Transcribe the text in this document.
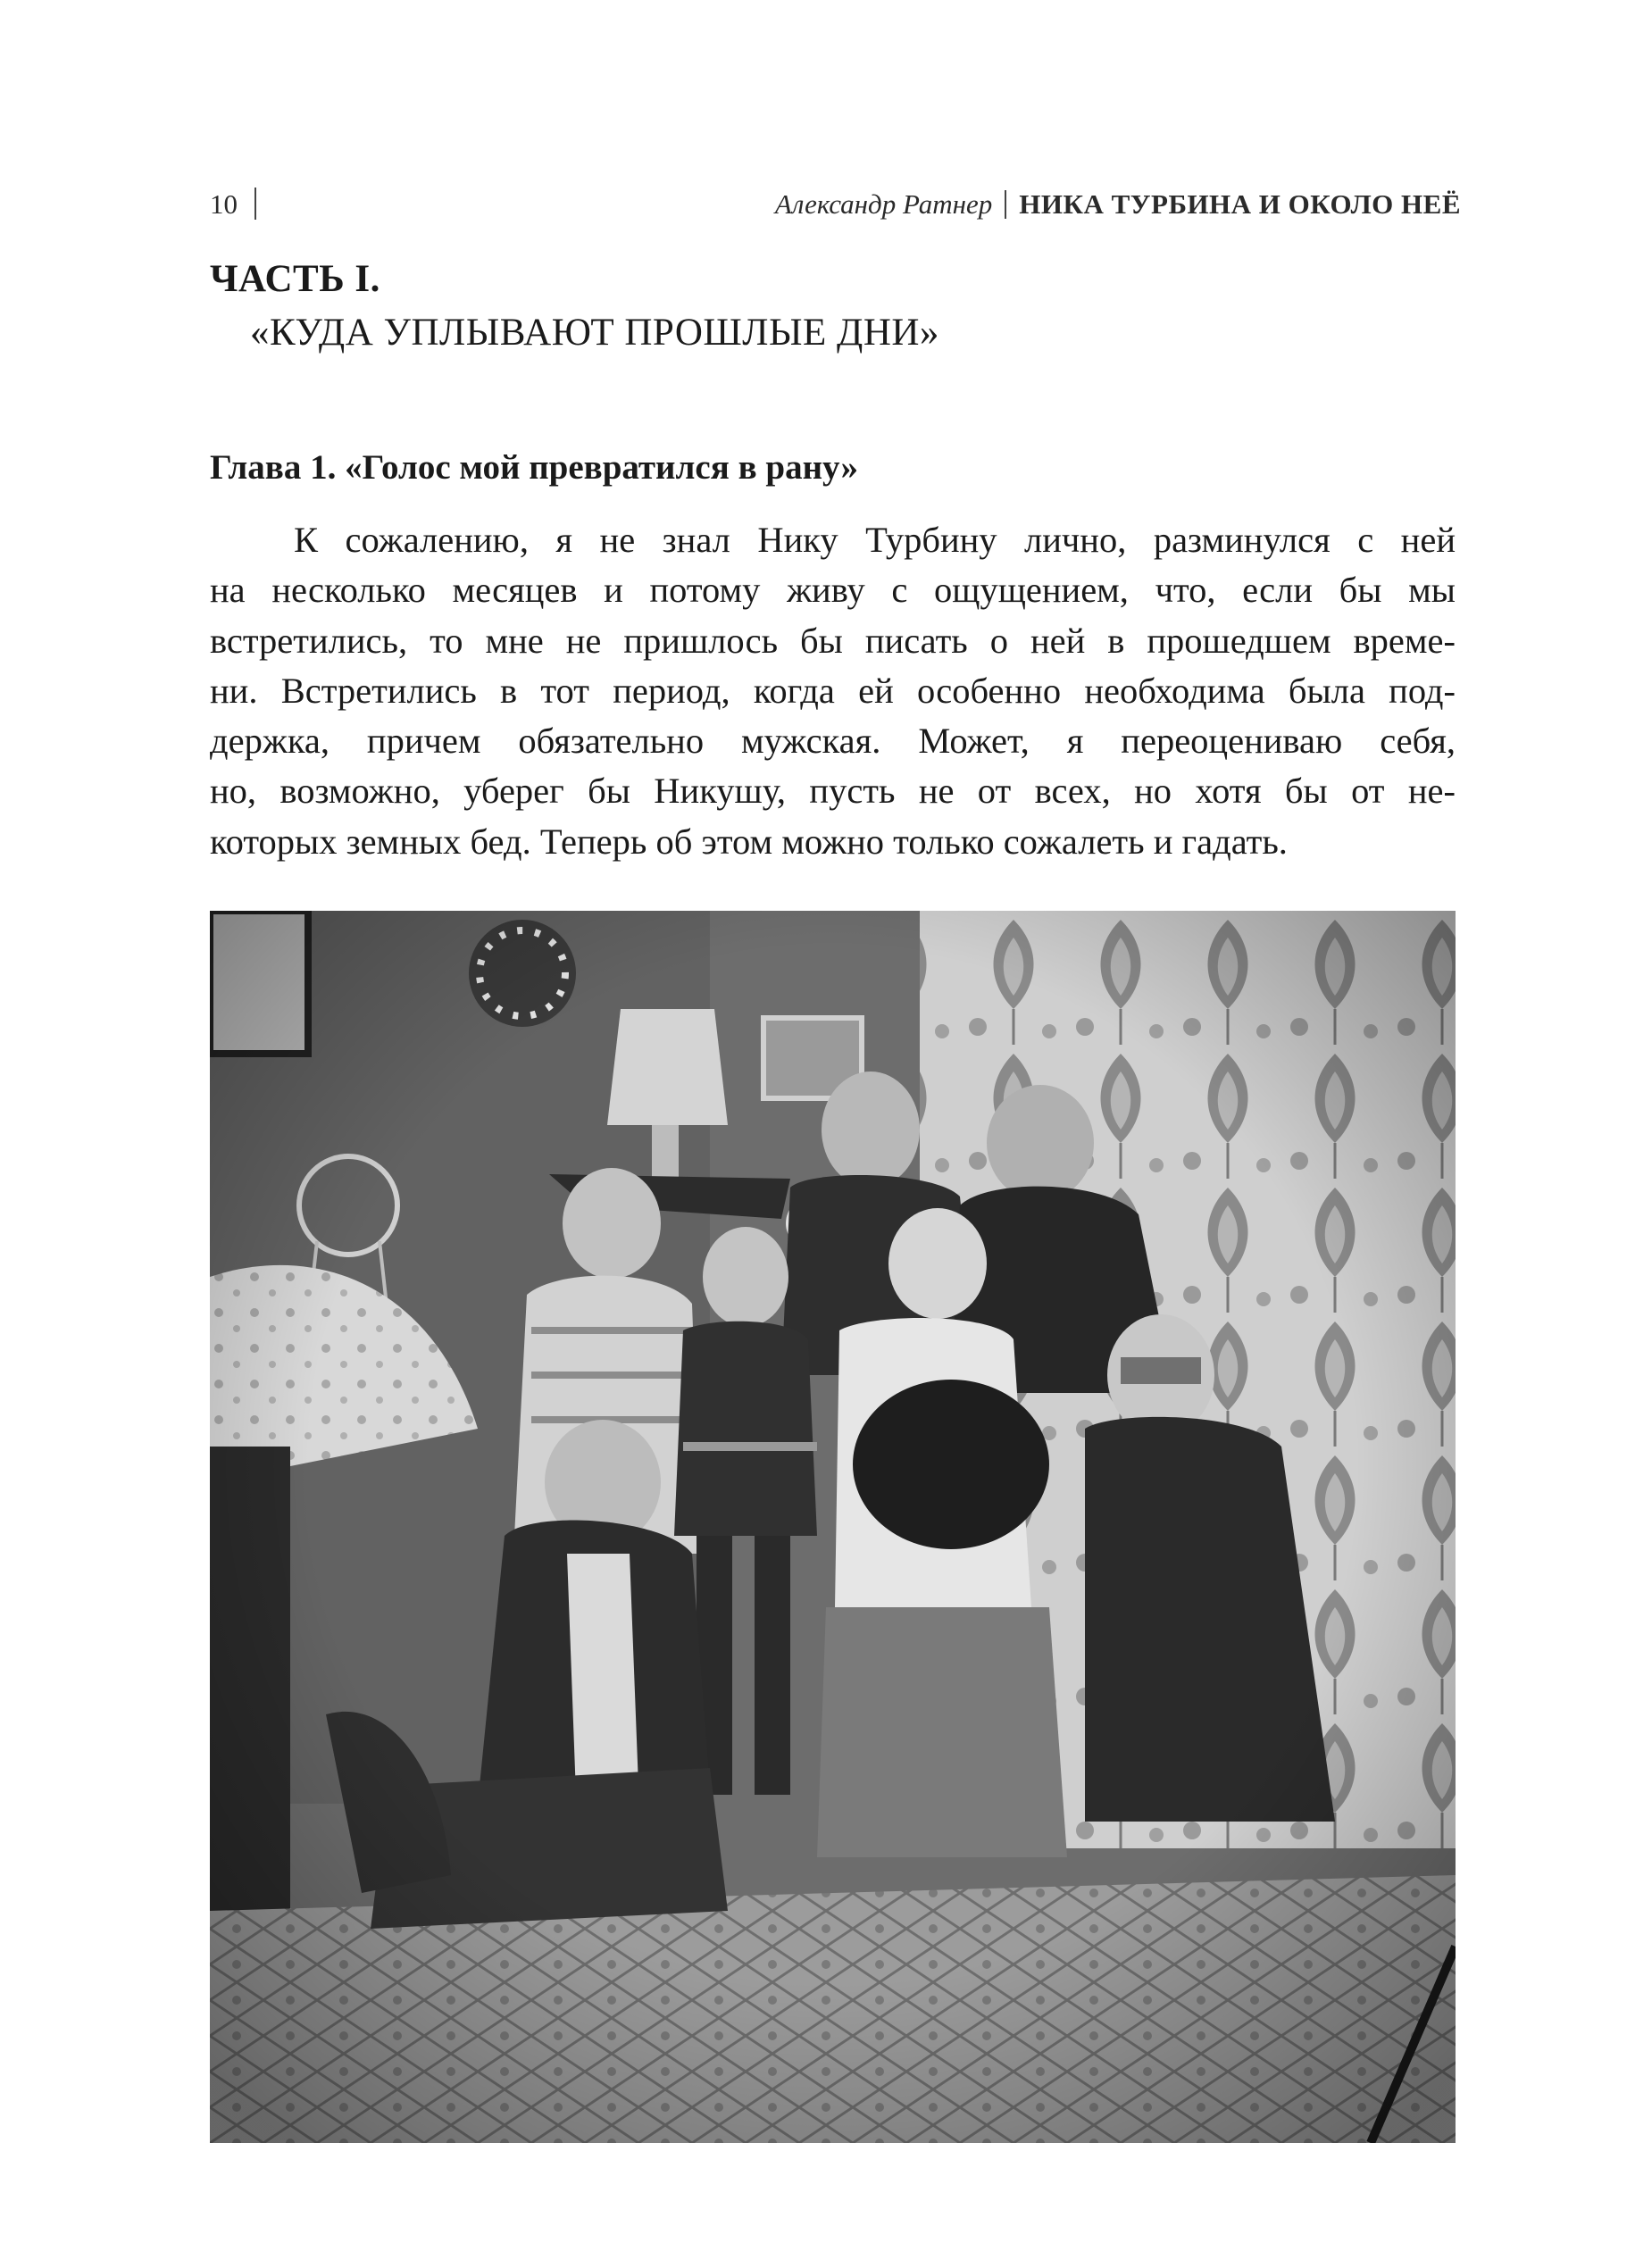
10	Александр Ратнер НИКА ТУРБИНА И ОКОЛО НЕЁ
ЧАСТЬ I.
«КУДА УПЛЫВАЮТ ПРОШЛЫЕ ДНИ»
Глава 1. «Голос мой превратился в рану»
К сожалению, я не знал Нику Турбину лично, разминулся с ней
на несколько месяцев и потому живу с ощущением, что, если бы мы
встретились, то мне не пришлось бы писать о ней в прошедшем време-
ни. Встретились в тот период, когда ей особенно необходима была под-
держка, причем обязательно мужская. Может, я переоцениваю себя,
но, возможно, уберег бы Никушу, пусть не от всех, но хотя бы от не-
которых земных бед. Теперь об этом можно только сожалеть и гадать.
